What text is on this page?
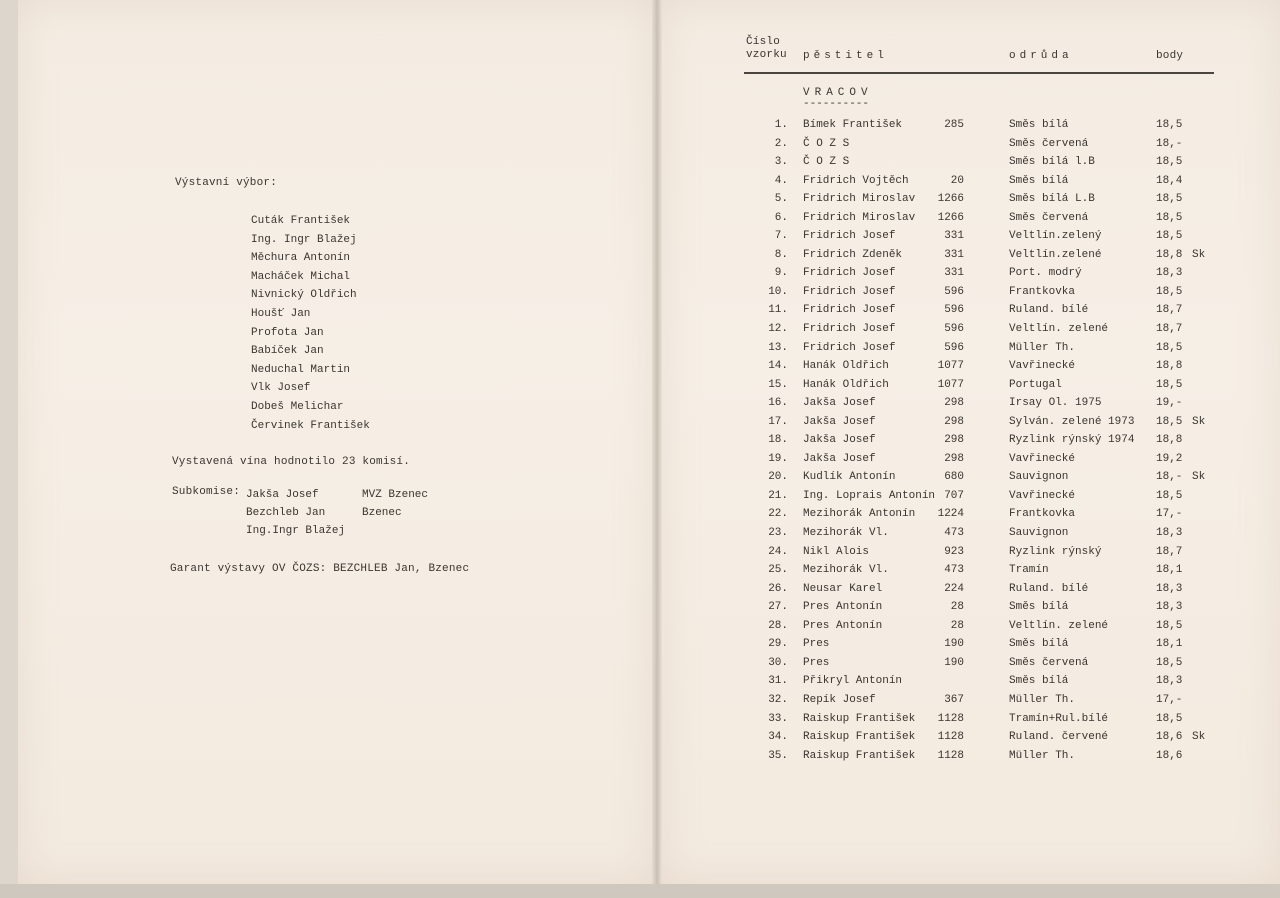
Výstavní výbor:
Cuták František
Ing. Ingr Blažej
Měchura Antonín
Macháček Michal
Nivnický Oldřich
Houšť Jan
Profota Jan
Babíček Jan
Neduchal Martin
Vlk Josef
Dobeš Melichar
Červinek František
Vystavená vína hodnotilo 23 komisí.
Subkomise: Jakša Josef	MVZ Bzenec
Bezchleb Jan	Bzenec
Ing.Ingr Blažej
Garant výstavy OV ČOZS: BEZCHLEB Jan, Bzenec
Číslo
vzorku pěstitel	odrůda	body
VRACOV
----------
1. Bímek František	285	Směs bílá	18,5
2. Č O Z S	Směs červená	18,-
3. Č O Z S	Směs bílá l.B	18,5
4. Fridrich Vojtěch	20	Směs bílá	18,4
5. Fridrich Miroslav 1266	Směs bílá L.B	18,5
6. Fridrich Miroslav 1266	Směs červená	18,5
7. Fridrich Josef	331	Veltlín.zelený	18,5
8. Fridrich Zdeněk	331	Veltlín.zelené	18,8 Sk
9. Fridrich Josef	331	Port. modrý	18,3
10. Fridrich Josef	596	Frantkovka	18,5
11. Fridrich Josef	596	Ruland. bílé	18,7
12. Fridrich Josef	596	Veltlín. zelené	18,7
13. Fridrich Josef	596	Müller Th.	18,5
14. Hanák Oldřich	1077	Vavřinecké	18,8
15. Hanák Oldřich	1077	Portugal	18,5
16. Jakša Josef	298	Irsay Ol. 1975	19,-
17. Jakša Josef	298	Sylván. zelené 1973 18,5 Sk
18. Jakša Josef	298	Ryzlink rýnský 1974 18,8
19. Jakša Josef	298	Vavřinecké	19,2
20. Kudlík Antonín	680	Sauvignon	18,- Sk
21. Ing. Loprais Antonín 707	Vavřinecké	18,5
22. Mezihorák Antonín 1224	Frantkovka	17,-
23. Mezihorák Vl.	473	Sauvignon	18,3
24. Nikl Alois	923	Ryzlink rýnský	18,7
25. Mezihorák Vl.	473	Tramín	18,1
26. Neusar Karel	224	Ruland. bílé	18,3
27. Pres Antonín	28	Směs bílá	18,3
28. Pres Antonín	28	Veltlín. zelené	18,5
29. Pres	190	Směs bílá	18,1
30. Pres	190	Směs červená	18,5
31. Přikryl Antonín	Směs bílá	18,3
32. Repík Josef	367	Müller Th.	17,-
33. Raiskup František 1128	Tramín+Rul.bílé	18,5
34. Raiskup František 1128	Ruland. červené	18,6 Sk
35. Raiskup František 1128	Müller Th.	18,6
